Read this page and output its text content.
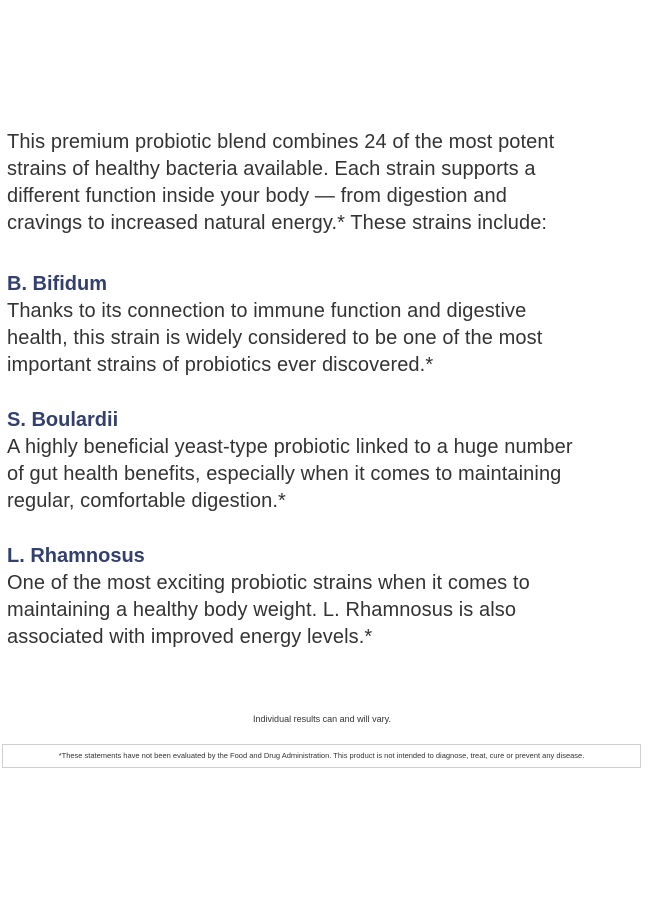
This premium probiotic blend combines 24 of the most potent

strains of healthy bacteria available. Each strain supports a

different function inside your body — from digestion and

cravings to increased natural energy.* These strains include:

B. Bifidum

Thanks to its connection to immune function and digestive

health, this strain is widely considered to be one of the most

important strains of probiotics ever discovered.*

S. Boulardii

A highly beneficial yeast-type probiotic linked to a huge number

of gut health benefits, especially when it comes to maintaining

regular, comfortable digestion.*

L. Rhamnosus

One of the most exciting probiotic strains when it comes to

maintaining a healthy body weight. L. Rhamnosus is also

associated with improved energy levels.*

Individual results can and will vary.
*These statements have not been evaluated by the Food and Drug Administration. This product is not intended to diagnose, treat, cure or prevent any disease.
